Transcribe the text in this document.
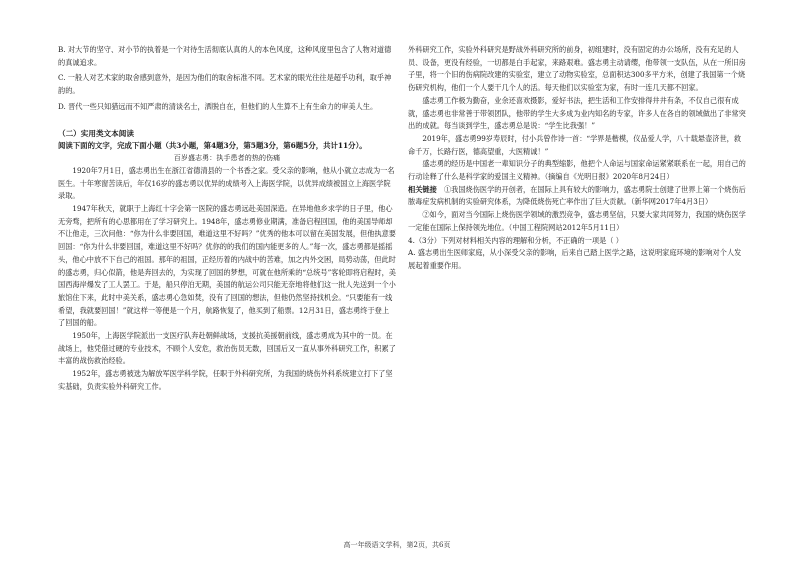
B. 对大节的坚守、对小节的执着是一个对待生活彻底认真的人的本色风度，这种风度里包含了人物对道德的真诚追求。

C. 一般人对艺术家的取舍感到意外，是因为他们的取舍标准不同。艺术家的眼光往往是超乎功利，取乎神韵的。

D. 晋代一些只知猎远而不知严肃的清谈名士，洒脱自在，但他们的人生算不上有生命力的审美人生。

（二）实用类文本阅读

阅读下面的文字，完成下面小题（共3小题，第4题3分，第5题3分，第6题5分，共计11分）。

百岁盛志勇：执手患者的热的伤痛

1920年7月1日，盛志勇出生在浙江省德清县的一个书香之家。受父亲的影响，他从小就立志成为一名医生。十年寒窗苦读后，年仅16岁的盛志勇以优异的成绩考入上海医学院，以优异成绩被国立上海医学院录取。

1947年秋天，就职于上海红十字会第一医院的盛志勇远赴美国深造。在异地他乡求学的日子里，他心无旁骛，把所有的心思都用在了学习研究上。1948年，盛志勇修业期满，准备启程回国，他的美国导师却不让他走，三次问他：“你为什么非要回国，难道这里不好吗？”优秀的他本可以留在美国发展，但他执意要回国：“你为什么非要回国，难道这里不好吗？优你的的我们的国内能更多的人。”每一次，盛志勇都是摇摇头，他心中放不下自己的祖国。那年的祖国，正经历着的内战中的苦难，加之内外交困，局势动荡，但此时的盛志勇，归心似箭，他是奔回去的，为实现了回国的梦想，可就在他所乘的“总统号”客轮即将启程时，美国西海岸爆发了工人罢工。于是，船只停泊无期，美国的航运公司只能无奈地将他们这一批人先送到一个小旅馆住下来，此时中美关系，盛志勇心急如焚，没有了回国的想法，但他仍然坚持找机会。“只要能有一线希望，我就要回国！”就这样一等便是一个月，航路恢复了，他买到了船票。12月31日，盛志勇终于登上了回国的船。

1950年，上海医学院派出一支医疗队奔赴朝鲜战场，支援抗美援朝前线，盛志勇成为其中的一员。在战场上，他凭借过硬的专业技术，不顾个人安危，救治伤员无数，回国后又一直从事外科研究工作，积累了丰富的战伤救治经验。

1952年，盛志勇被选为解放军医学科学院，任职于外科研究所，为我国的烧伤外科系统建立打下了坚实基础，负责实验外科研究工作。

外科研究工作，实验外科研究是野战外科研究所的前身，初组建时，没有固定的办公场所，没有充足的人员、设备，更没有经验，一切都是白手起家，来路艰难。盛志勇主动请缨，他带领一支队伍，从在一所旧房子里，将一个旧的伤病院改建的实验室，建立了动物实验室，总面积达300多平方米，创建了我国第一个烧伤研究机构，他们一个人要干几个人的活。每天他们以实验室为家，有时一连几天都不回家。

盛志勇工作极为勤奋，业余还喜欢摄影，爱好书法，把生活和工作安排得井井有条，不仅自己很有成就，盛志勇也非常善于带领团队，他带的学生大多成为业内知名的专家，许多人在各自的领域做出了非常突出的成就。每当谈到学生，盛志勇总是说：“学生比我强！”

2019年，盛志勇99岁寿辰时，付小兵曾作诗一首：“学界是楷模，仪品爱人学，八十载悬壶济世，救命千万，长路行医，德高望重，大医精诚！”

盛志勇的经历是中国老一辈知识分子的典型缩影，他把个人命运与国家命运紧紧联系在一起，用自己的行动诠释了什么是科学家的爱国主义精神。（摘编自《光明日报》2020年8月24日）

相关链接　 ①我国烧伤医学的开创者，在国际上具有较大的影响力，盛志勇院士创建了世界上第一个烧伤后脓毒症发病机制的实验研究体系，为降低烧伤死亡率作出了巨大贡献。（新华网2017年4月3日）

②如今，面对当今国际上烧伤医学领域的激烈竞争，盛志勇坚信，只要大家共同努力，我国的烧伤医学一定能在国际上保持领先地位。（中国工程院网站2012年5月11日）

4.（3分）下列对材料相关内容的理解和分析，不正确的一项是（ ）

A. 盛志勇出生医师家庭，从小深受父亲的影响，后来自己踏上医学之路，这说明家庭环境的影响对个人发展起着重要作用。

高一年级语文学科，第2页，共6页
